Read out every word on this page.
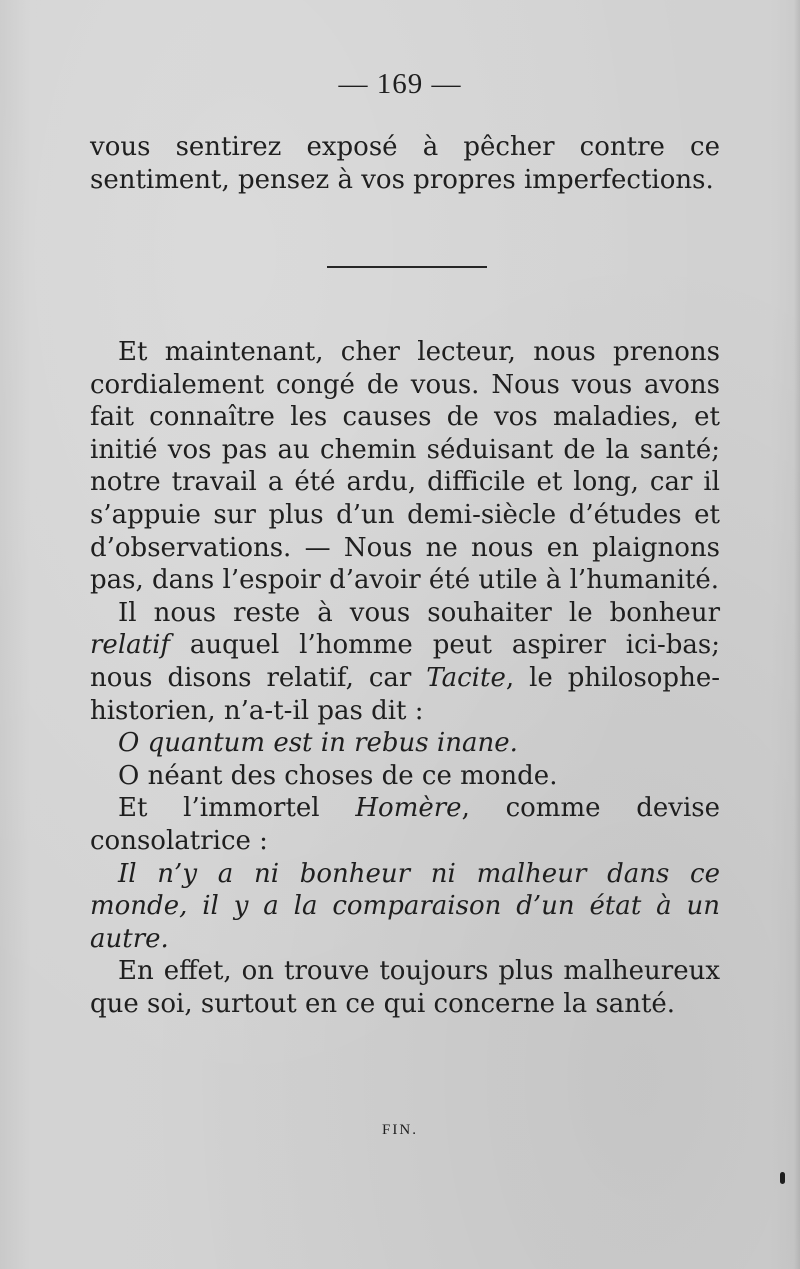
— 169 —

vous sentirez exposé à pêcher contre ce sentiment, pensez à vos propres imperfections.

Et maintenant, cher lecteur, nous prenons cordialement congé de vous. Nous vous avons fait connaître les causes de vos maladies, et initié vos pas au chemin séduisant de la santé; notre travail a été ardu, difficile et long, car il s’appuie sur plus d’un demi-siècle d’études et d’observations. — Nous ne nous en plaignons pas, dans l’espoir d’avoir été utile à l’humanité.

Il nous reste à vous souhaiter le bonheur relatif auquel l’homme peut aspirer ici-bas; nous disons relatif, car Tacite, le philosophe-historien, n’a-t-il pas dit :

O quantum est in rebus inane.

O néant des choses de ce monde.

Et l’immortel Homère, comme devise consolatrice :

Il n’y a ni bonheur ni malheur dans ce monde, il y a la comparaison d’un état à un autre.

En effet, on trouve toujours plus malheureux que soi, surtout en ce qui concerne la santé.

FIN.
